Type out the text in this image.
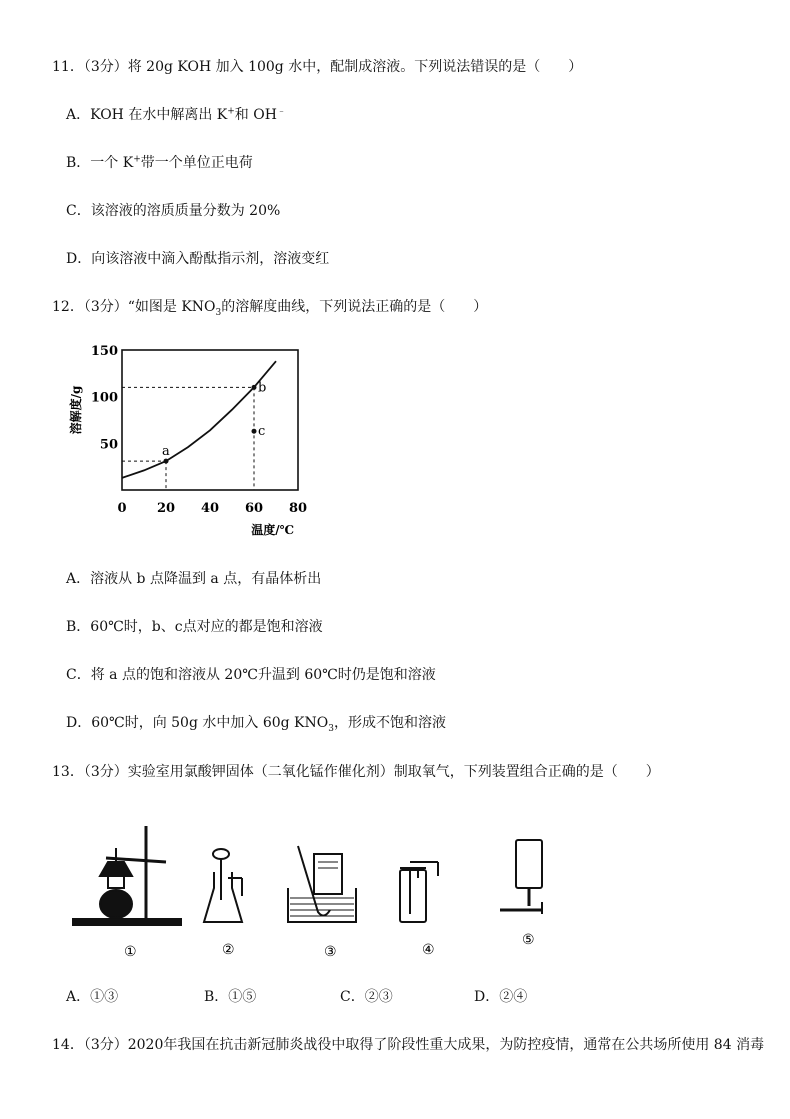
11．（3分）将 20g KOH 加入 100g 水中，配制成溶液。下列说法错误的是（　　）
A．KOH 在水中解离出 K+和 OH﹣
B．一个 K+带一个单位正电荷
C．该溶液的溶质质量分数为 20%
D．向该溶液中滴入酚酞指示剂，溶液变红
12．（3分）“如图是 $KNO_3$的溶解度曲线，下列说法正确的是（　　）
0 20 40 60 80
50
100
150
温度/℃
溶解度/g
a
b
c
A．溶液从 b 点降温到 a 点，有晶体析出
B．60℃时，b、c点对应的都是饱和溶液
C．将 a 点的饱和溶液从 20℃升温到 60℃时仍是饱和溶液
D．60℃时，向 50g 水中加入 60g $KNO_3$，形成不饱和溶液
13．（3分）实验室用氯酸钾固体（二氧化锰作催化剂）制取氧气，下列装置组合正确的是（　　）
①	②	③	④
⑤
A．①③	B．①⑤	C．②③	D．②④
14．（3分）2020年我国在抗击新冠肺炎战役中取得了阶段性重大成果，为防控疫情，通常在公共场所使用 84 消毒
